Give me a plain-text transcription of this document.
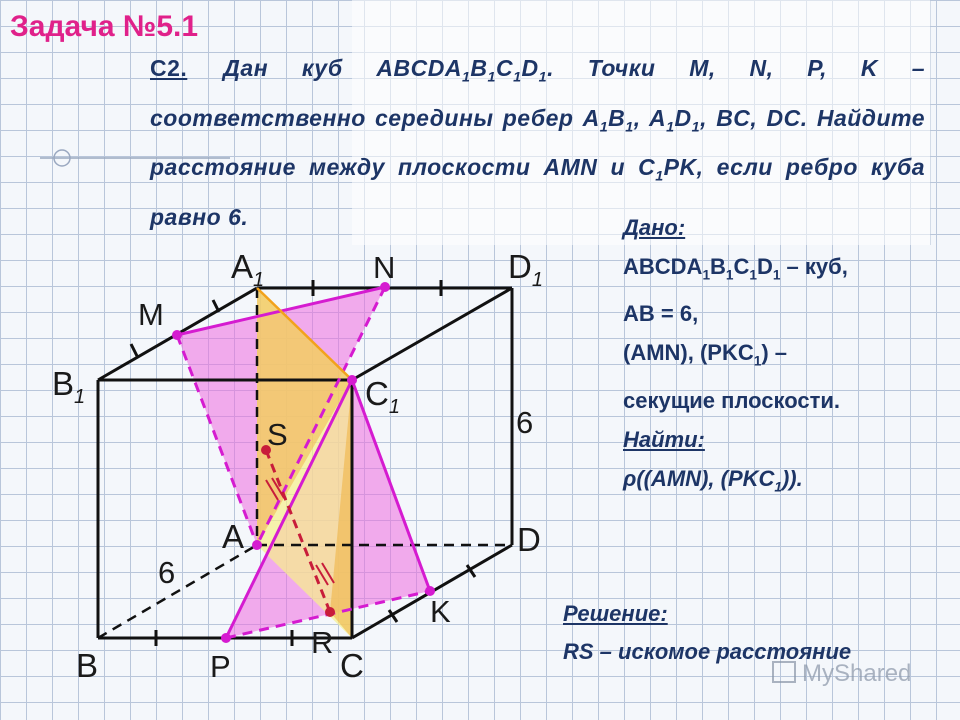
Задача №5.1
С2. Дан куб $ABCDA_1B_1C_1D_1$. Точки M, N, P, K – соответственно середины ребер $A_1B_1$, $A_1D_1$, BC, DC. Найдите расстояние между плоскости AMN и $C_1PK$, если ребро куба равно 6.	Дано:
$ABCDA_1B_1C_1D_1$ – куб,
AB = 6,
(AMN), $(PKC_1)$ –
секущие плоскости.
Найти:
ρ((AMN), $(PKC_1)$).
Решение:
RS – искомое расстояние
MyShared
$A_1$	N	$D_1$
M
$B_1$	$C_1$	6
S
A	D
6
K
R
B	P	C
